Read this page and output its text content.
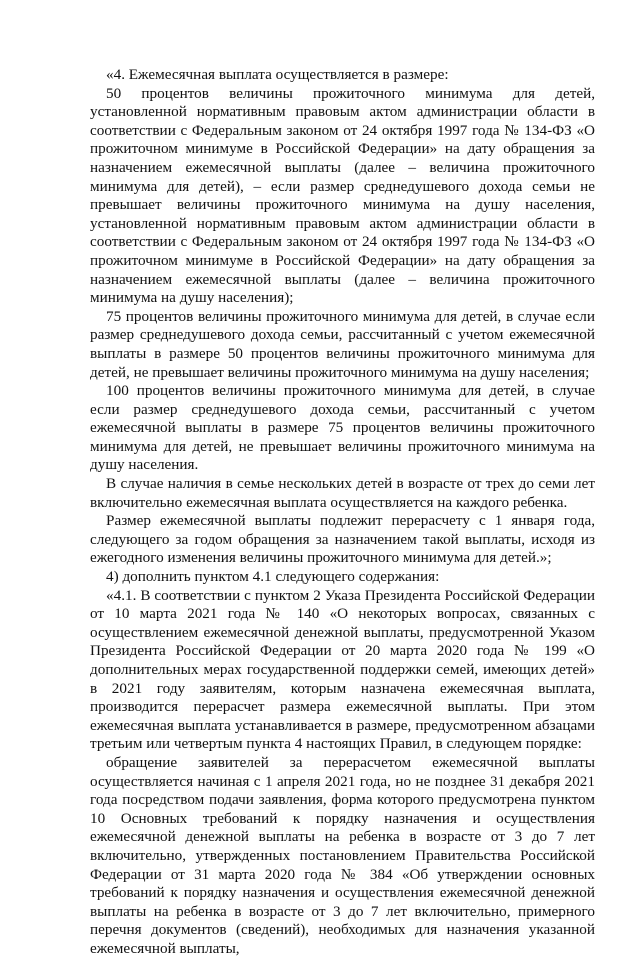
«4. Ежемесячная выплата осуществляется в размере:

50 процентов величины прожиточного минимума для детей, установленной нормативным правовым актом администрации области в соответствии с Федеральным законом от 24 октября 1997 года № 134-ФЗ «О прожиточном минимуме в Российской Федерации» на дату обращения за назначением ежемесячной выплаты (далее – величина прожиточного минимума для детей), – если размер среднедушевого дохода семьи не превышает величины прожиточного минимума на душу населения, установленной нормативным правовым актом администрации области в соответствии с Федеральным законом от 24 октября 1997 года № 134-ФЗ «О прожиточном минимуме в Российской Федерации» на дату обращения за назначением ежемесячной выплаты (далее – величина прожиточного минимума на душу населения);

75 процентов величины прожиточного минимума для детей, в случае если размер среднедушевого дохода семьи, рассчитанный с учетом ежемесячной выплаты в размере 50 процентов величины прожиточного минимума для детей, не превышает величины прожиточного минимума на душу населения;

100 процентов величины прожиточного минимума для детей, в случае если размер среднедушевого дохода семьи, рассчитанный с учетом ежемесячной выплаты в размере 75 процентов величины прожиточного минимума для детей, не превышает величины прожиточного минимума на душу населения.

В случае наличия в семье нескольких детей в возрасте от трех до семи лет включительно ежемесячная выплата осуществляется на каждого ребенка.

Размер ежемесячной выплаты подлежит перерасчету с 1 января года, следующего за годом обращения за назначением такой выплаты, исходя из ежегодного изменения величины прожиточного минимума для детей.»;

4) дополнить пунктом 4.1 следующего содержания:

«4.1. В соответствии с пунктом 2 Указа Президента Российской Федерации от 10 марта 2021 года № 140 «О некоторых вопросах, связанных с осуществлением ежемесячной денежной выплаты, предусмотренной Указом Президента Российской Федерации от 20 марта 2020 года № 199 «О дополнительных мерах государственной поддержки семей, имеющих детей» в 2021 году заявителям, которым назначена ежемесячная выплата, производится перерасчет размера ежемесячной выплаты. При этом ежемесячная выплата устанавливается в размере, предусмотренном абзацами третьим или четвертым пункта 4 настоящих Правил, в следующем порядке:

обращение заявителей за перерасчетом ежемесячной выплаты осуществляется начиная с 1 апреля 2021 года, но не позднее 31 декабря 2021 года посредством подачи заявления, форма которого предусмотрена пунктом 10 Основных требований к порядку назначения и осуществления ежемесячной денежной выплаты на ребенка в возрасте от 3 до 7 лет включительно, утвержденных постановлением Правительства Российской Федерации от 31 марта 2020 года № 384 «Об утверждении основных требований к порядку назначения и осуществления ежемесячной денежной выплаты на ребенка в возрасте от 3 до 7 лет включительно, примерного перечня документов (сведений), необходимых для назначения указанной ежемесячной выплаты,
